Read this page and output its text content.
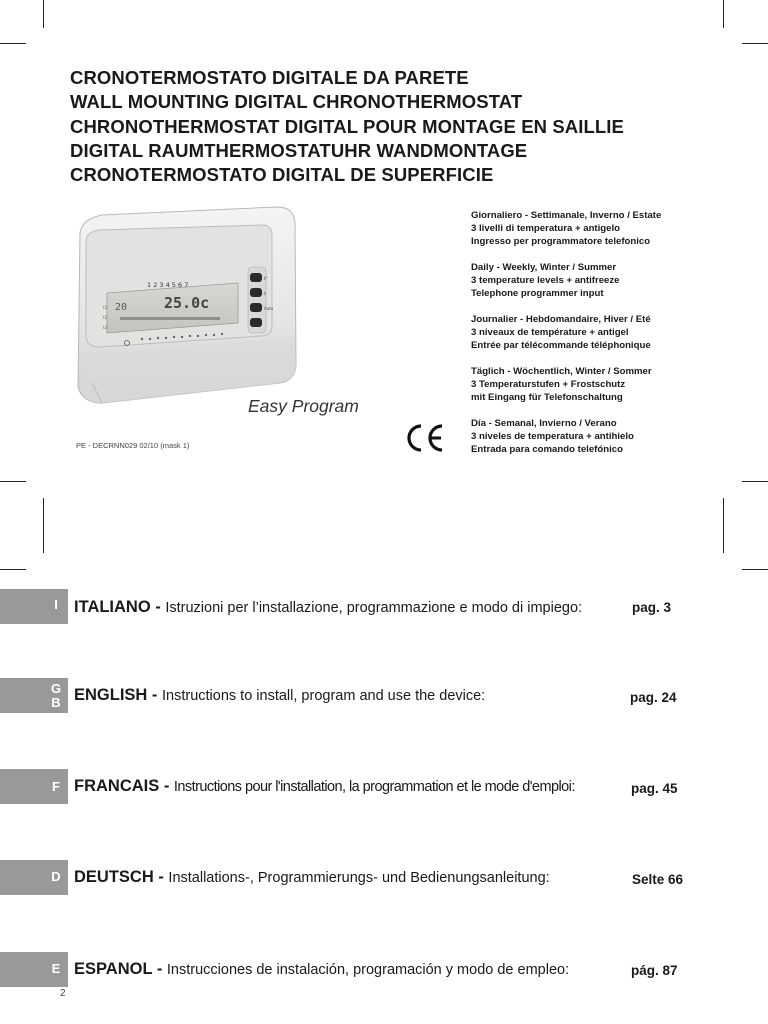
CRONOTERMOSTATO DIGITALE DA PARETE
WALL MOUNTING DIGITAL CHRONOTHERMOSTAT
CHRONOTHERMOSTAT DIGITAL POUR MONTAGE EN SAILLIE
DIGITAL RAUMTHERMOSTATUHR WANDMONTAGE
CRONOTERMOSTATO DIGITAL DE SUPERFICIE
1 2 3 4 5 6 7
25.0c
20
t1
t2
t3
t°
t-
Auto
Easy Program
PE - DECRNN029 02/10 (mask 1)
Giornaliero - Settimanale, Inverno / Estate
3 livelli di temperatura + antigelo
Ingresso per programmatore telefonico
Daily - Weekly, Winter / Summer
3 temperature levels + antifreeze
Telephone programmer input
Journalier - Hebdomandaire, Hiver / Eté
3 niveaux de température + antigel
Entrée par télécommande téléphonique
Täglich - Wöchentlich, Winter / Sommer
3 Temperaturstufen + Frostschutz
mit Eingang für Telefonschaltung
Día - Semanal, Invierno / Verano
3 niveles de temperatura + antihielo
Entrada para comando telefónico
I ITALIANO - Istruzioni per l’installazione, programmazione e modo di impiego:	pag. 3
G
B ENGLISH - Instructions to install, program and use the device:	pag. 24
F FRANCAIS - Instructions pour l'installation, la programmation et le mode d'emploi:	pag. 45
D DEUTSCH - Installations-, Programmierungs- und Bedienungsanleitung:	Selte 66
E ESPANOL - Instrucciones de instalación, programación y modo de empleo:	pág. 87
2
